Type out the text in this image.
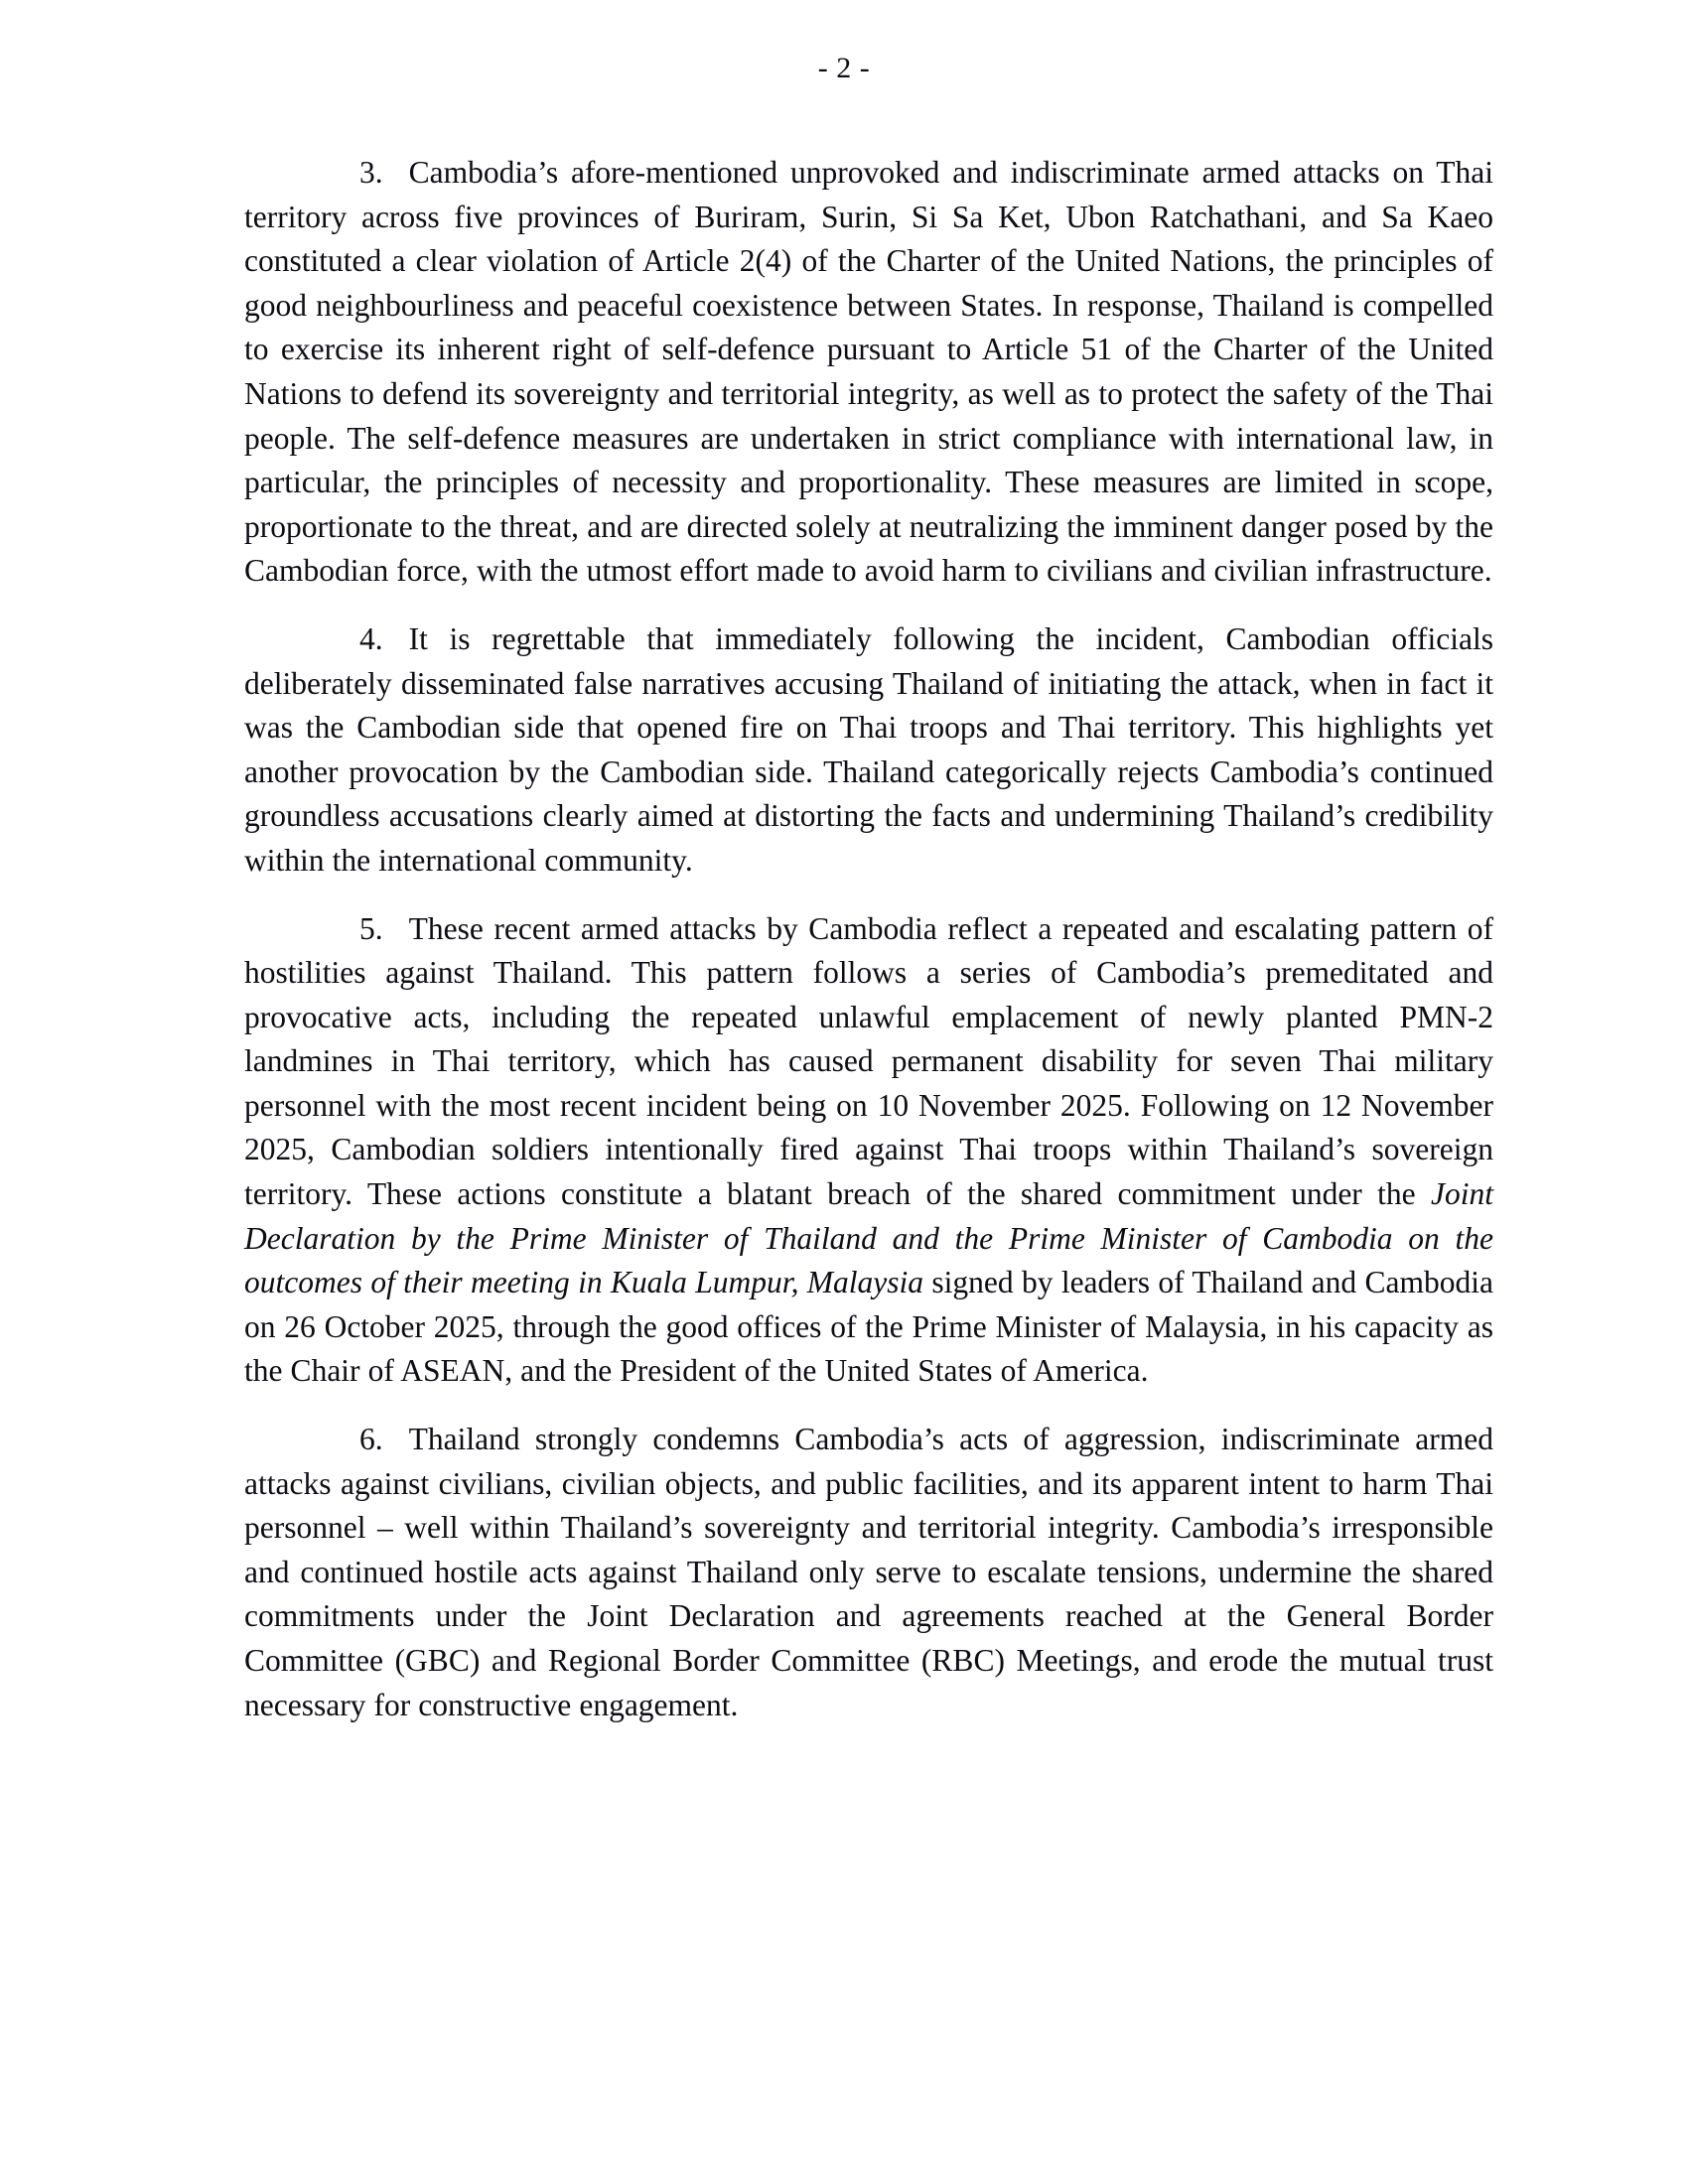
- 2 -

3. Cambodia’s afore-mentioned unprovoked and indiscriminate armed attacks on Thai territory across five provinces of Buriram, Surin, Si Sa Ket, Ubon Ratchathani, and Sa Kaeo constituted a clear violation of Article 2(4) of the Charter of the United Nations, the principles of good neighbourliness and peaceful coexistence between States. In response, Thailand is compelled to exercise its inherent right of self-defence pursuant to Article 51 of the Charter of the United Nations to defend its sovereignty and territorial integrity, as well as to protect the safety of the Thai people. The self-defence measures are undertaken in strict compliance with international law, in particular, the principles of necessity and proportionality. These measures are limited in scope, proportionate to the threat, and are directed solely at neutralizing the imminent danger posed by the Cambodian force, with the utmost effort made to avoid harm to civilians and civilian infrastructure.

4. It is regrettable that immediately following the incident, Cambodian officials deliberately disseminated false narratives accusing Thailand of initiating the attack, when in fact it was the Cambodian side that opened fire on Thai troops and Thai territory. This highlights yet another provocation by the Cambodian side. Thailand categorically rejects Cambodia’s continued groundless accusations clearly aimed at distorting the facts and undermining Thailand’s credibility within the international community.

5. These recent armed attacks by Cambodia reflect a repeated and escalating pattern of hostilities against Thailand. This pattern follows a series of Cambodia’s premeditated and provocative acts, including the repeated unlawful emplacement of newly planted PMN-2 landmines in Thai territory, which has caused permanent disability for seven Thai military personnel with the most recent incident being on 10 November 2025. Following on 12 November 2025, Cambodian soldiers intentionally fired against Thai troops within Thailand’s sovereign territory. These actions constitute a blatant breach of the shared commitment under the Joint Declaration by the Prime Minister of Thailand and the Prime Minister of Cambodia on the outcomes of their meeting in Kuala Lumpur, Malaysia signed by leaders of Thailand and Cambodia on 26 October 2025, through the good offices of the Prime Minister of Malaysia, in his capacity as the Chair of ASEAN, and the President of the United States of America.

6. Thailand strongly condemns Cambodia’s acts of aggression, indiscriminate armed attacks against civilians, civilian objects, and public facilities, and its apparent intent to harm Thai personnel – well within Thailand’s sovereignty and territorial integrity. Cambodia’s irresponsible and continued hostile acts against Thailand only serve to escalate tensions, undermine the shared commitments under the Joint Declaration and agreements reached at the General Border Committee (GBC) and Regional Border Committee (RBC) Meetings, and erode the mutual trust necessary for constructive engagement.
